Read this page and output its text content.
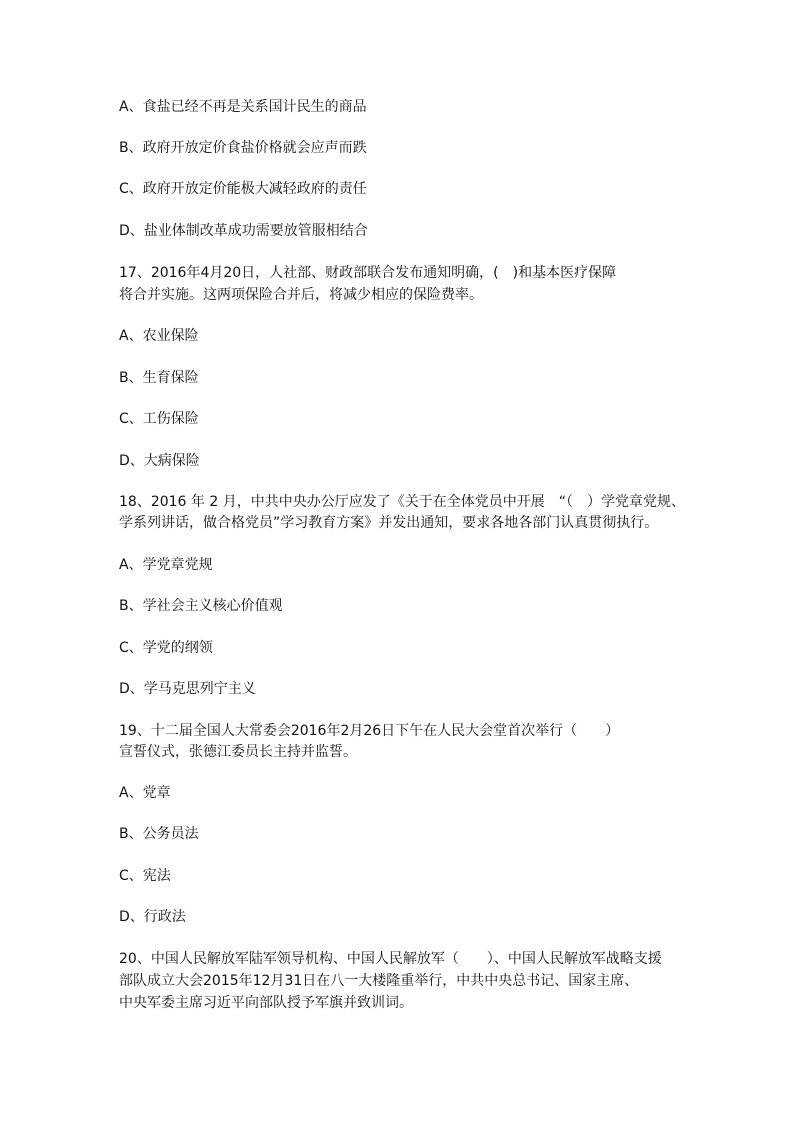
A、食盐已经不再是关系国计民生的商品

B、政府开放定价食盐价格就会应声而跌

C、政府开放定价能极大减轻政府的责任

D、盐业体制改革成功需要放管服相结合

17、2016年4月20日，人社部、财政部联合发布通知明确，(　)和基本医疗保障

将合并实施。这两项保险合并后，将减少相应的保险费率。

A、农业保险

B、生育保险

C、工伤保险

D、大病保险

18、2016 年 2 月，中共中央办公厅应发了《关于在全体党员中开展　“（　）学党章党规、

学系列讲话，做合格党员”学习教育方案》并发出通知，要求各地各部门认真贯彻执行。

A、学党章党规

B、学社会主义核心价值观

C、学党的纲领

D、学马克思列宁主义

19、十二届全国人大常委会2016年2月26日下午在人民大会堂首次举行（　　）

宣誓仪式，张德江委员长主持并监誓。

A、党章

B、公务员法

C、宪法

D、行政法

20、中国人民解放军陆军领导机构、中国人民解放军（　　）、中国人民解放军战略支援

部队成立大会2015年12月31日在八一大楼隆重举行，中共中央总书记、国家主席、

中央军委主席习近平向部队授予军旗并致训词。
